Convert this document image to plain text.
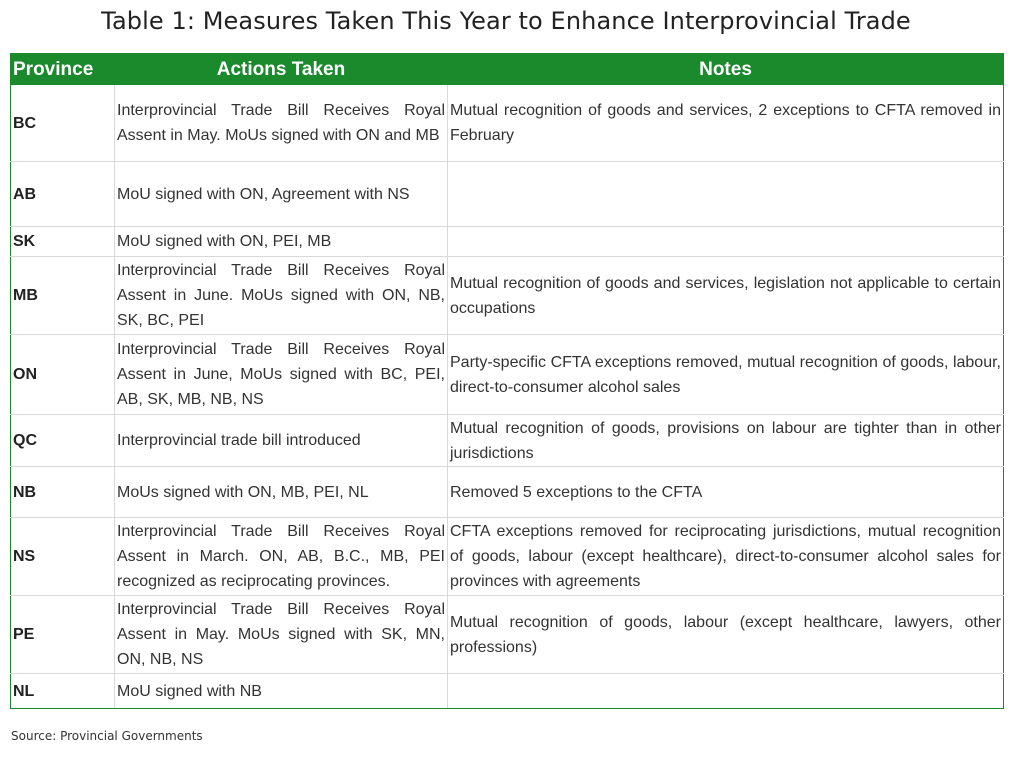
Table 1: Measures Taken This Year to Enhance Interprovincial Trade
Province	Actions Taken	Notes
BC	Interprovincial Trade Bill Receives Royal Assent in May. MoUs signed with ON and MB	Mutual recognition of goods and services, 2 exceptions to CFTA removed in February
AB	MoU signed with ON, Agreement with NS	
SK	MoU signed with ON, PEI, MB	
MB	Interprovincial Trade Bill Receives Royal Assent in June. MoUs signed with ON, NB, SK, BC, PEI	Mutual recognition of goods and services, legislation not applicable to certain occupations
ON	Interprovincial Trade Bill Receives Royal Assent in June, MoUs signed with BC, PEI, AB, SK, MB, NB, NS	Party-specific CFTA exceptions removed, mutual recognition of goods, labour, direct-to-consumer alcohol sales
QC	Interprovincial trade bill introduced	Mutual recognition of goods, provisions on labour are tighter than in other jurisdictions
NB	MoUs signed with ON, MB, PEI, NL	Removed 5 exceptions to the CFTA
NS	Interprovincial Trade Bill Receives Royal Assent in March. ON, AB, B.C., MB, PEI recognized as reciprocating provinces.	CFTA exceptions removed for reciprocating jurisdictions, mutual recognition of goods, labour (except healthcare), direct-to-consumer alcohol sales for provinces with agreements
PE	Interprovincial Trade Bill Receives Royal Assent in May. MoUs signed with SK, MN, ON, NB, NS	Mutual recognition of goods, labour (except healthcare, lawyers, other professions)
NL	MoU signed with NB	
Source: Provincial Governments
